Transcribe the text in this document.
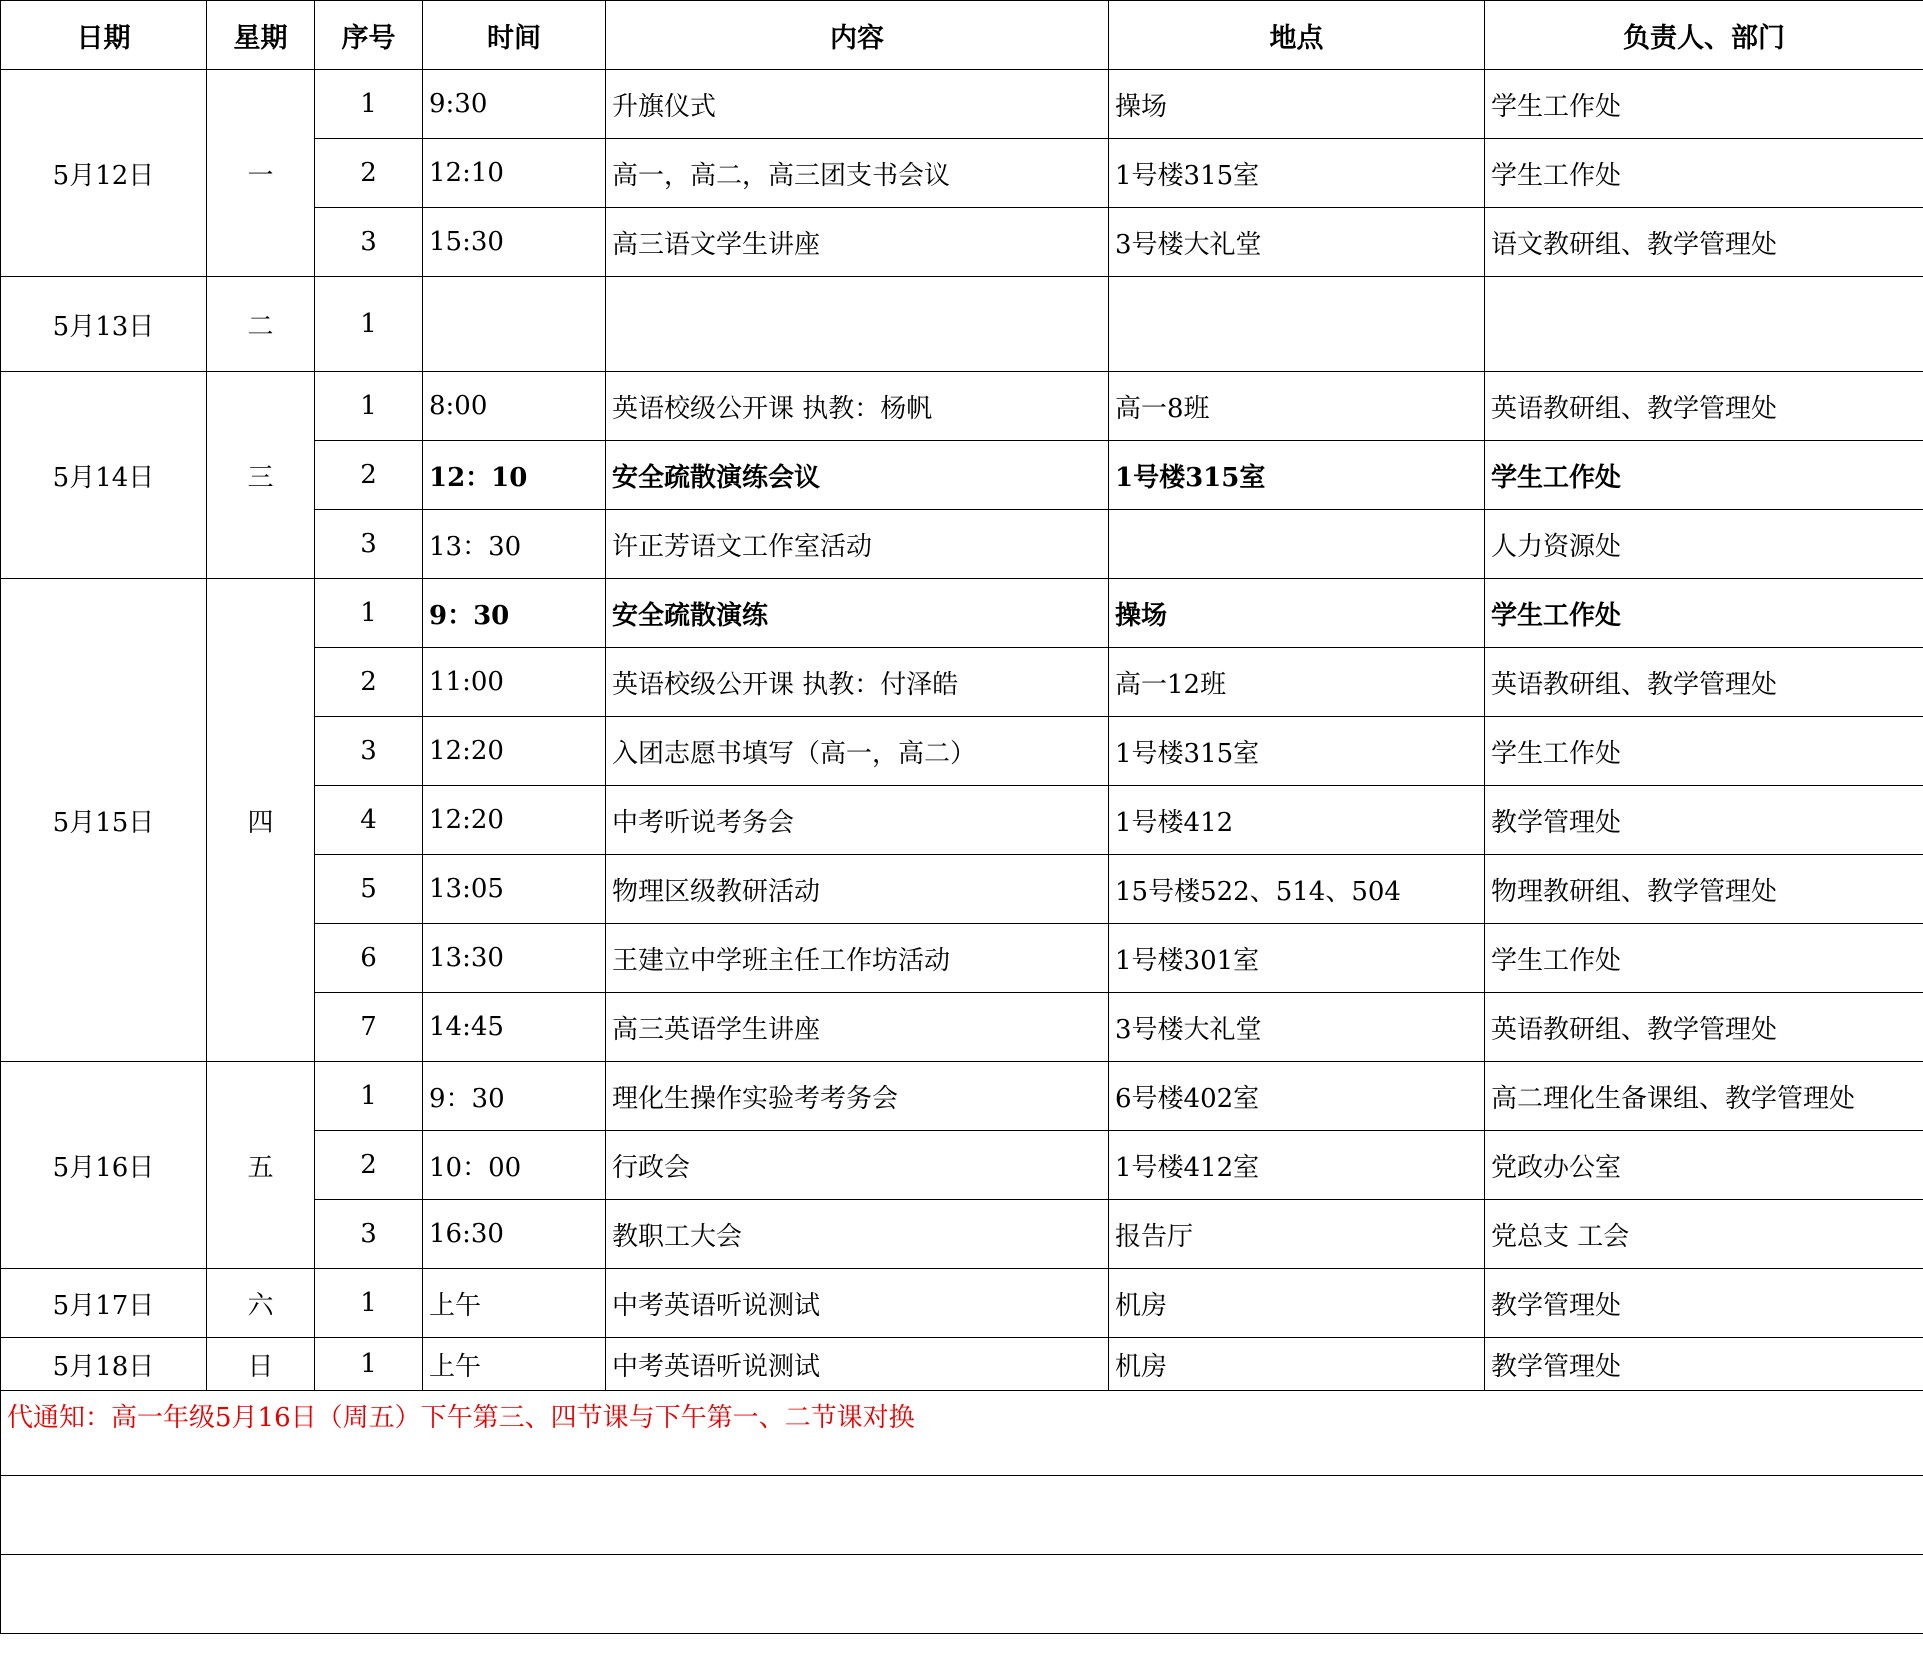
日期	星期	序号	时间	内容	地点	负责人、部门
5月12日	一	1	9:30	升旗仪式	操场	学生工作处
		2	12:10	高一，高二，高三团支书会议	1号楼315室	学生工作处
		3	15:30	高三语文学生讲座	3号楼大礼堂	语文教研组、教学管理处
5月13日	二	1				
5月14日	三	1	8:00	英语校级公开课 执教：杨帆	高一8班	英语教研组、教学管理处
		2	12：10	安全疏散演练会议	1号楼315室	学生工作处
		3	13：30	许正芳语文工作室活动		人力资源处
5月15日	四	1	9：30	安全疏散演练	操场	学生工作处
		2	11:00	英语校级公开课 执教：付泽皓	高一12班	英语教研组、教学管理处
		3	12:20	入团志愿书填写（高一，高二）	1号楼315室	学生工作处
		4	12:20	中考听说考务会	1号楼412	教学管理处
		5	13:05	物理区级教研活动	15号楼522、514、504	物理教研组、教学管理处
		6	13:30	王建立中学班主任工作坊活动	1号楼301室	学生工作处
		7	14:45	高三英语学生讲座	3号楼大礼堂	英语教研组、教学管理处
5月16日	五	1	9：30	理化生操作实验考考务会	6号楼402室	高二理化生备课组、教学管理处
		2	10：00	行政会	1号楼412室	党政办公室
		3	16:30	教职工大会	报告厅	党总支 工会
5月17日	六	1	上午	中考英语听说测试	机房	教学管理处
5月18日	日	1	上午	中考英语听说测试	机房	教学管理处
代通知：高一年级5月16日（周五）下午第三、四节课与下午第一、二节课对换						
